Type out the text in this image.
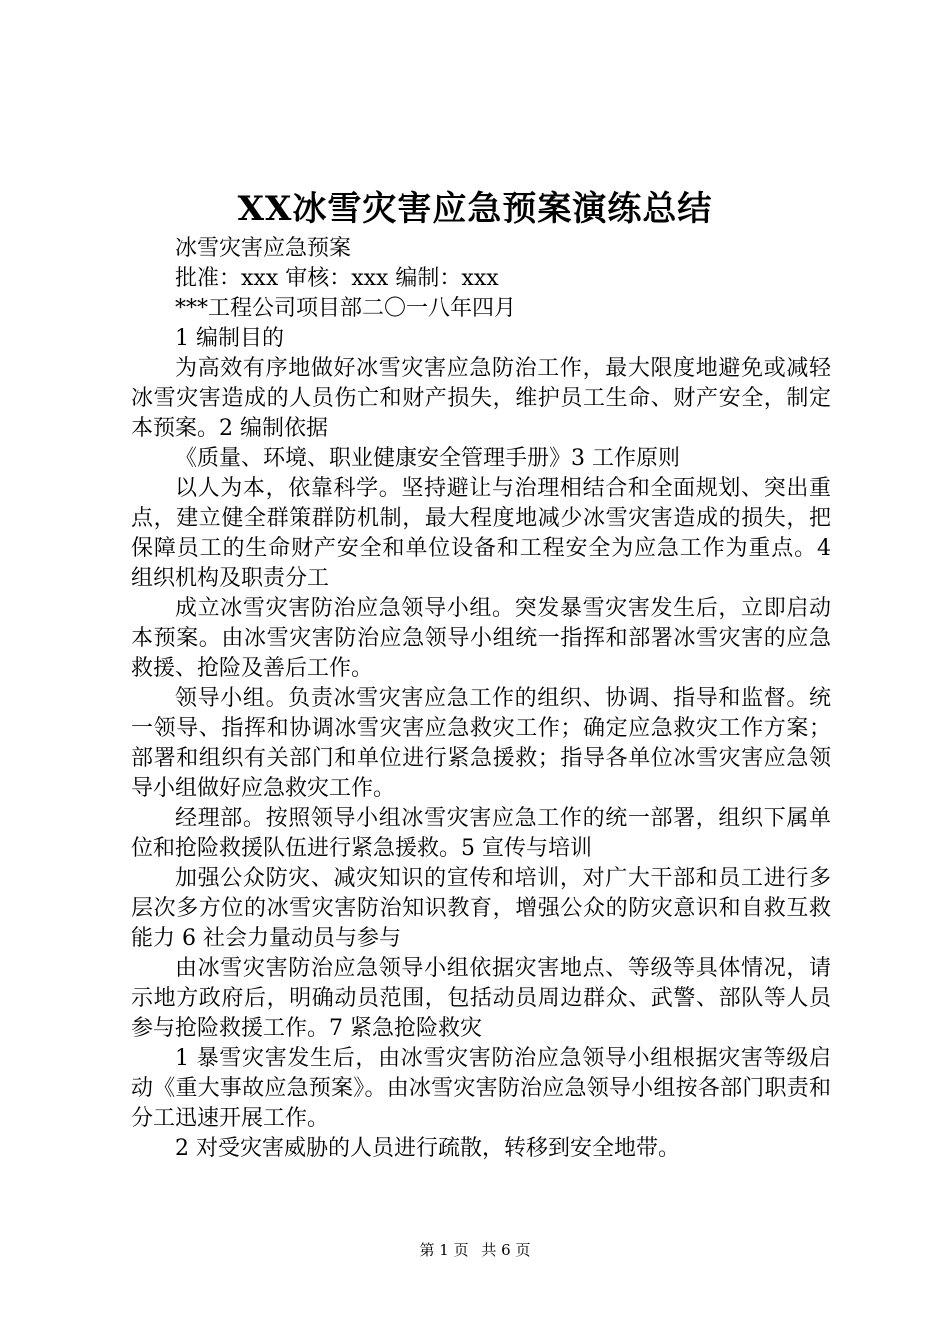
XX冰雪灾害应急预案演练总结

冰雪灾害应急预案

批准：xxx 审核：xxx 编制：xxx

***工程公司项目部二〇一八年四月

1 编制目的

为高效有序地做好冰雪灾害应急防治工作，最大限度地避免或减轻冰雪灾害造成的人员伤亡和财产损失，维护员工生命、财产安全，制定本预案。2 编制依据

《质量、环境、职业健康安全管理手册》3 工作原则

以人为本，依靠科学。坚持避让与治理相结合和全面规划、突出重点，建立健全群策群防机制，最大程度地减少冰雪灾害造成的损失，把保障员工的生命财产安全和单位设备和工程安全为应急工作为重点。4 组织机构及职责分工

成立冰雪灾害防治应急领导小组。突发暴雪灾害发生后，立即启动本预案。由冰雪灾害防治应急领导小组统一指挥和部署冰雪灾害的应急救援、抢险及善后工作。

领导小组。负责冰雪灾害应急工作的组织、协调、指导和监督。统一领导、指挥和协调冰雪灾害应急救灾工作；确定应急救灾工作方案；部署和组织有关部门和单位进行紧急援救；指导各单位冰雪灾害应急领导小组做好应急救灾工作。

经理部。按照领导小组冰雪灾害应急工作的统一部署，组织下属单位和抢险救援队伍进行紧急援救。5 宣传与培训

加强公众防灾、减灾知识的宣传和培训，对广大干部和员工进行多层次多方位的冰雪灾害防治知识教育，增强公众的防灾意识和自救互救能力 6 社会力量动员与参与

由冰雪灾害防治应急领导小组依据灾害地点、等级等具体情况，请示地方政府后，明确动员范围，包括动员周边群众、武警、部队等人员参与抢险救援工作。7 紧急抢险救灾

1 暴雪灾害发生后，由冰雪灾害防治应急领导小组根据灾害等级启动《重大事故应急预案》。由冰雪灾害防治应急领导小组按各部门职责和分工迅速开展工作。

2 对受灾害威胁的人员进行疏散，转移到安全地带。

第 1 页 共 6 页
